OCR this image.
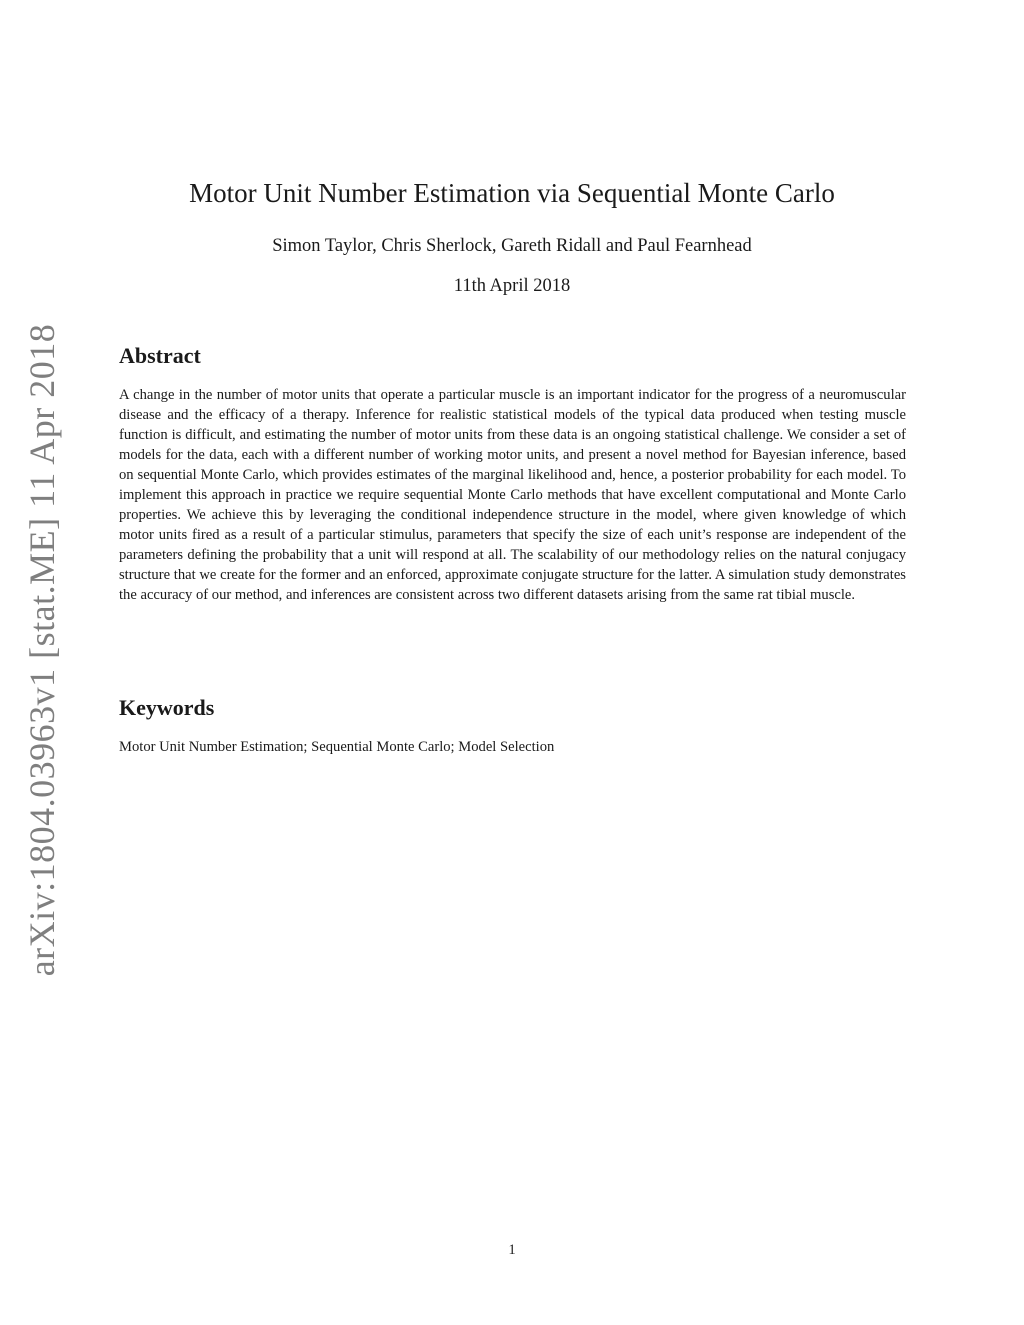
arXiv:1804.03963v1 [stat.ME] 11 Apr 2018
Motor Unit Number Estimation via Sequential Monte Carlo
Simon Taylor, Chris Sherlock, Gareth Ridall and Paul Fearnhead
11th April 2018
Abstract

A change in the number of motor units that operate a particular muscle is an important indicator for the progress of a neuromuscular disease and the efficacy of a therapy. Inference for realistic statistical models of the typical data produced when testing muscle function is difficult, and estimating the number of motor units from these data is an ongoing statistical challenge. We consider a set of models for the data, each with a different number of working motor units, and present a novel method for Bayesian inference, based on sequential Monte Carlo, which provides estimates of the marginal likelihood and, hence, a posterior probability for each model. To implement this approach in practice we require sequential Monte Carlo methods that have excellent computational and Monte Carlo properties. We achieve this by leveraging the conditional independence structure in the model, where given knowledge of which motor units fired as a result of a particular stimulus, parameters that specify the size of each unit’s response are independent of the parameters defining the probability that a unit will respond at all. The scalability of our methodology relies on the natural conjugacy structure that we create for the former and an enforced, approximate conjugate structure for the latter. A simulation study demonstrates the accuracy of our method, and inferences are consistent across two different datasets arising from the same rat tibial muscle.

Keywords

Motor Unit Number Estimation; Sequential Monte Carlo; Model Selection

1
